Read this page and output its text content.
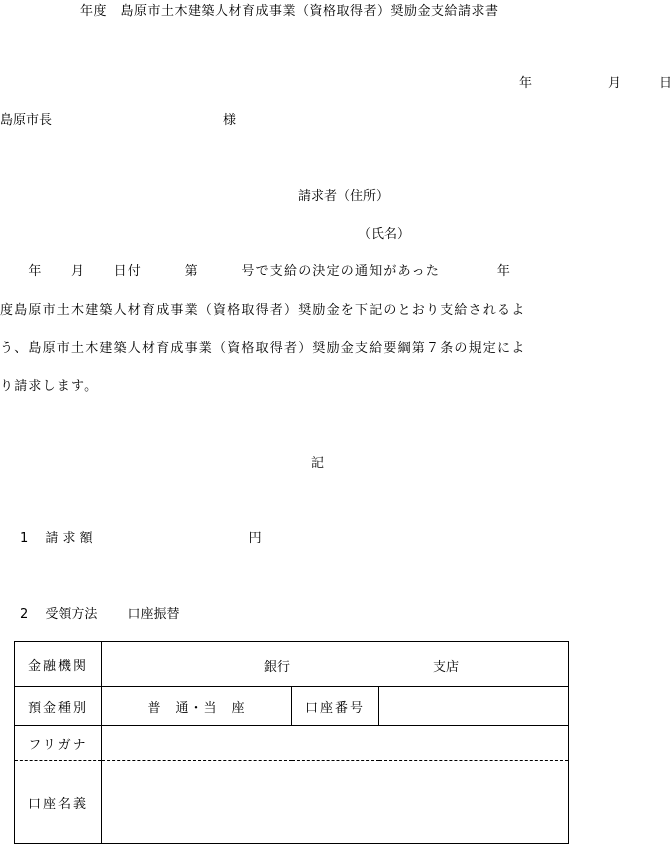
年度　島原市土木建築人材育成事業（資格取得者）奨励金支給請求書
年	月	日
島原市長	様
請求者（住所）
（氏名）
　　年　　月　　日付　　　第　　　号で支給の決定の通知があった　　　　年
度島原市土木建築人材育成事業（資格取得者）奨励金を下記のとおり支給されるよ
う、島原市土木建築人材育成事業（資格取得者）奨励金支給要綱第７条の規定によ
り請求します。
記
1　 請 求 額　　　　　　　　　　　　円
2　 受領方法　　 口座振替
金融機関	銀行 支店		

預金種別	普　通・当　座	口座番号	
フリガナ			
口座名義			
